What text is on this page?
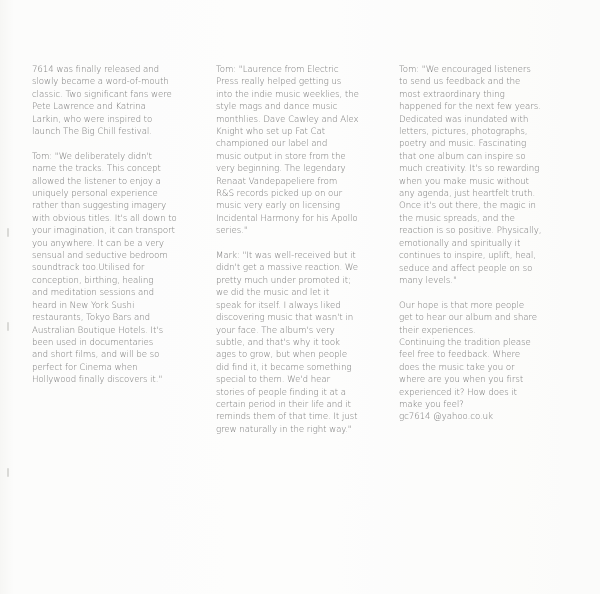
7614 was finally released and
slowly became a word-of-mouth
classic. Two significant fans were
Pete Lawrence and Katrina
Larkin, who were inspired to
launch The Big Chill festival.

Tom: "We deliberately didn't
name the tracks. This concept
allowed the listener to enjoy a
uniquely personal experience
rather than suggesting imagery
with obvious titles. It's all down to
your imagination, it can transport
you anywhere. It can be a very
sensual and seductive bedroom
soundtrack too.Utilised for
conception, birthing, healing
and meditation sessions and
heard in New York Sushi
restaurants, Tokyo Bars and
Australian Boutique Hotels. It's
been used in documentaries
and short films, and will be so
perfect for Cinema when
Hollywood finally discovers it."

Tom: "Laurence from Electric
Press really helped getting us
into the indie music weeklies, the
style mags and dance music
monthlies. Dave Cawley and Alex
Knight who set up Fat Cat
championed our label and
music output in store from the
very beginning. The legendary
Renaat Vandepapeliere from
R&S records picked up on our
music very early on licensing
Incidental Harmony for his Apollo
series."

Mark: "It was well-received but it
didn't get a massive reaction. We
pretty much under promoted it;
we did the music and let it
speak for itself. I always liked
discovering music that wasn't in
your face. The album's very
subtle, and that's why it took
ages to grow, but when people
did find it, it became something
special to them. We'd hear
stories of people finding it at a
certain period in their life and it
reminds them of that time. It just
grew naturally in the right way."

Tom: "We encouraged listeners
to send us feedback and the
most extraordinary thing
happened for the next few years.
Dedicated was inundated with
letters, pictures, photographs,
poetry and music. Fascinating
that one album can inspire so
much creativity. It's so rewarding
when you make music without
any agenda, just heartfelt truth.
Once it's out there, the magic in
the music spreads, and the
reaction is so positive. Physically,
emotionally and spiritually it
continues to inspire, uplift, heal,
seduce and affect people on so
many levels."

Our hope is that more people
get to hear our album and share
their experiences.

Continuing the tradition please
feel free to feedback. Where
does the music take you or
where are you when you first
experienced it? How does it
make you feel?

gc7614 @yahoo.co.uk
